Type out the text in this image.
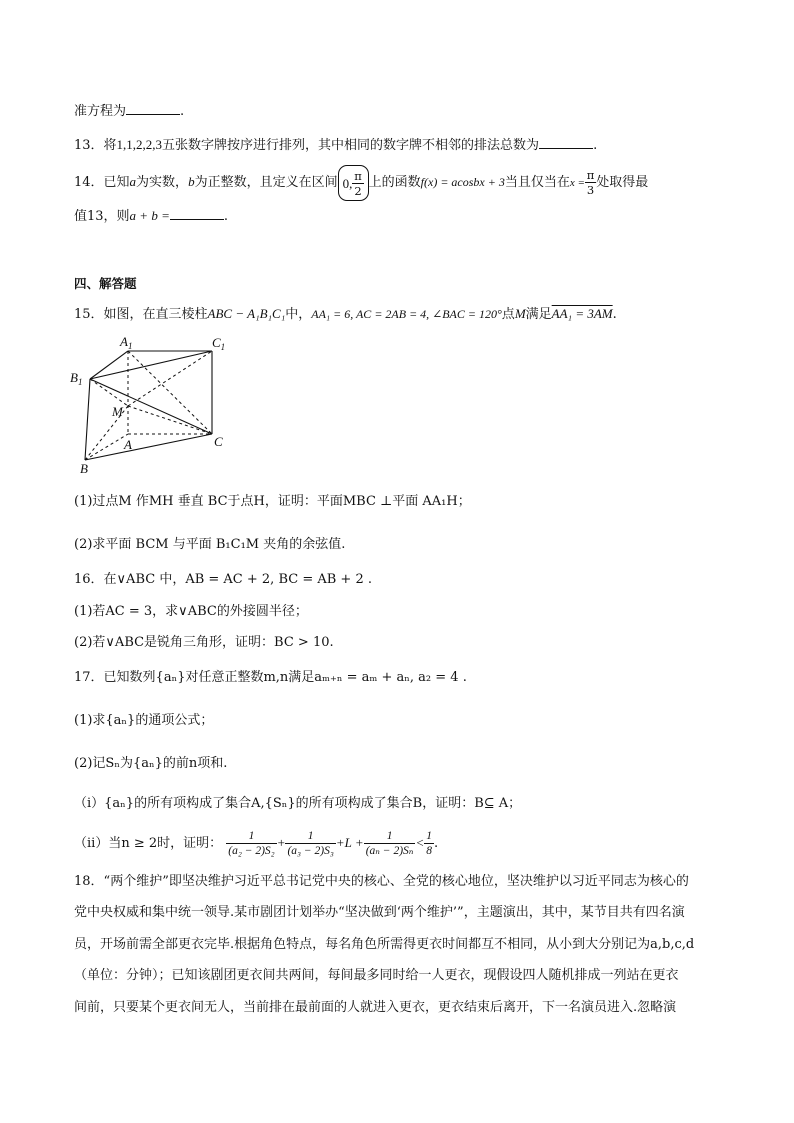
准方程为	.
13．将1,1,2,2,3五张数字牌按序进行排列，其中相同的数字牌不相邻的排法总数为	.
14．已知a为实数，b为正整数，且定义在区间 0, $\frac{\pi}{2}$ 上的函数f(x) = acosbx + 3当且仅当在$x = \frac{\pi}{3}$ 处取得最
值13，则a + b =	.
四、解答题
15．如图，在直三棱柱ABC − A₁B₁C₁中，AA₁ = 6, AC = 2AB = 4, ∠BAC = 120°点M满足AA₁ = 3AM.
$A_1$	$C_1$
$B_1$
M
A	C
B
(1)过点M 作MH 垂直 BC于点H，证明：平面MBC ⊥平面 AA₁H；
(2)求平面 BCM 与平面 B₁C₁M 夹角的余弦值.
16．在∨ABC 中，AB = AC + 2, BC = AB + 2 .
(1)若AC = 3，求∨ABC的外接圆半径；
(2)若∨ABC是锐角三角形，证明：BC > 10.
17．已知数列{aₙ}对任意正整数m,n满足aₘ₊ₙ = aₘ + aₙ, a₂ = 4 .
(1)求{aₙ}的通项公式；
(2)记Sₙ为{aₙ}的前n项和.
（i）{aₙ}的所有项构成了集合A,{Sₙ}的所有项构成了集合B，证明：B⊆ A；
（ii）当n ≥ 2时，证明： $\frac{1}{\text{(a₂ − 2)S₂}} + \frac{1}{\text{(a₃ − 2)S₃}} +L + \frac{1}{\text{(aₙ − 2)Sₙ}} < \frac{1}{8}$ .
18．“两个维护”即坚决维护习近平总书记党中央的核心、全党的核心地位，坚决维护以习近平同志为核心的
党中央权威和集中统一领导.某市剧团计划举办“坚决做到‘两个维护’”，主题演出，其中，某节目共有四名演
员，开场前需全部更衣完毕.根据角色特点，每名角色所需得更衣时间都互不相同，从小到大分别记为a,b,c,d
（单位：分钟）；已知该剧团更衣间共两间，每间最多同时给一人更衣，现假设四人随机排成一列站在更衣
间前，只要某个更衣间无人，当前排在最前面的人就进入更衣，更衣结束后离开，下一名演员进入.忽略演
